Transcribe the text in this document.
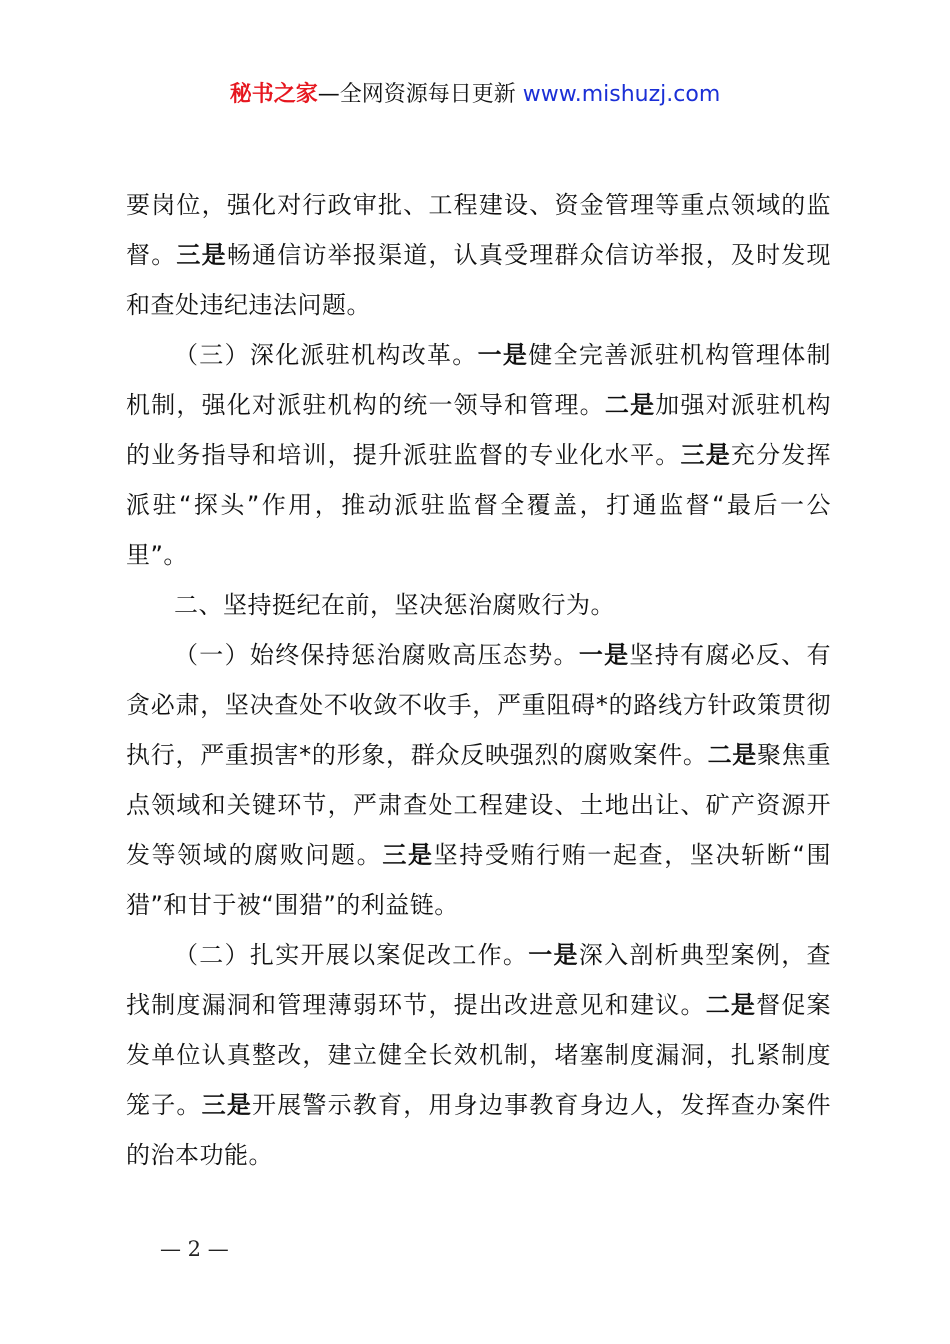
秘书之家—全网资源每日更新 www.mishuzj.com

要岗位，强化对行政审批、工程建设、资金管理等重点领域的监督。三是畅通信访举报渠道，认真受理群众信访举报，及时发现和查处违纪违法问题。

（三）深化派驻机构改革。一是健全完善派驻机构管理体制机制，强化对派驻机构的统一领导和管理。二是加强对派驻机构的业务指导和培训，提升派驻监督的专业化水平。三是充分发挥派驻“探头”作用，推动派驻监督全覆盖，打通监督“最后一公里”。

二、坚持挺纪在前，坚决惩治腐败行为。

（一）始终保持惩治腐败高压态势。一是坚持有腐必反、有贪必肃，坚决查处不收敛不收手，严重阻碍*的路线方针政策贯彻执行，严重损害*的形象，群众反映强烈的腐败案件。二是聚焦重点领域和关键环节，严肃查处工程建设、土地出让、矿产资源开发等领域的腐败问题。三是坚持受贿行贿一起查，坚决斩断“围猎”和甘于被“围猎”的利益链。

（二）扎实开展以案促改工作。一是深入剖析典型案例，查找制度漏洞和管理薄弱环节，提出改进意见和建议。二是督促案发单位认真整改，建立健全长效机制，堵塞制度漏洞，扎紧制度笼子。三是开展警示教育，用身边事教育身边人，发挥查办案件的治本功能。

— 2 —
